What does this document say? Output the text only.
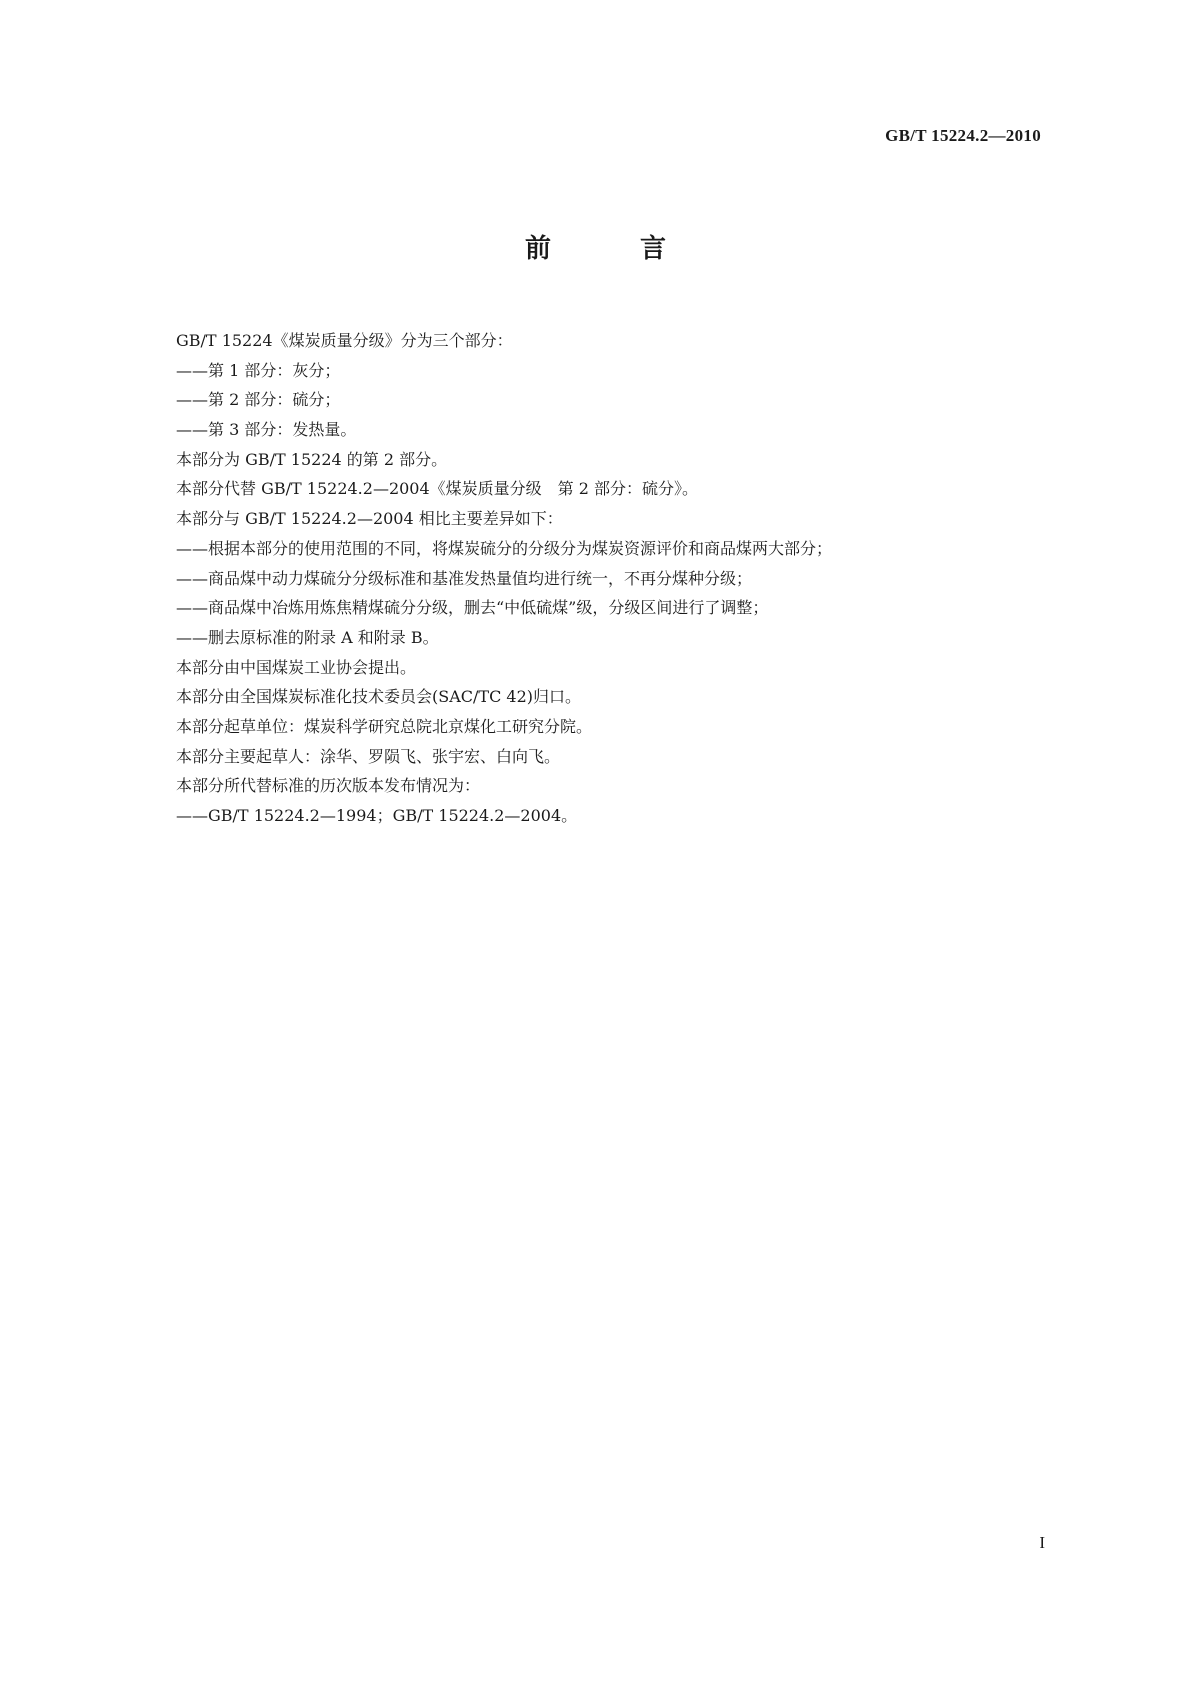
GB/T 15224.2—2010
前 言
GB/T 15224《煤炭质量分级》分为三个部分：
——第 1 部分：灰分；
——第 2 部分：硫分；
——第 3 部分：发热量。
本部分为 GB/T 15224 的第 2 部分。
本部分代替 GB/T 15224.2—2004《煤炭质量分级　第 2 部分：硫分》。
本部分与 GB/T 15224.2—2004 相比主要差异如下：
——根据本部分的使用范围的不同，将煤炭硫分的分级分为煤炭资源评价和商品煤两大部分；
——商品煤中动力煤硫分分级标准和基准发热量值均进行统一，不再分煤种分级；
——商品煤中冶炼用炼焦精煤硫分分级，删去“中低硫煤”级，分级区间进行了调整；
——删去原标准的附录 A 和附录 B。
本部分由中国煤炭工业协会提出。
本部分由全国煤炭标准化技术委员会(SAC/TC 42)归口。
本部分起草单位：煤炭科学研究总院北京煤化工研究分院。
本部分主要起草人：涂华、罗陨飞、张宇宏、白向飞。
本部分所代替标准的历次版本发布情况为：
——GB/T 15224.2—1994；GB/T 15224.2—2004。
I
